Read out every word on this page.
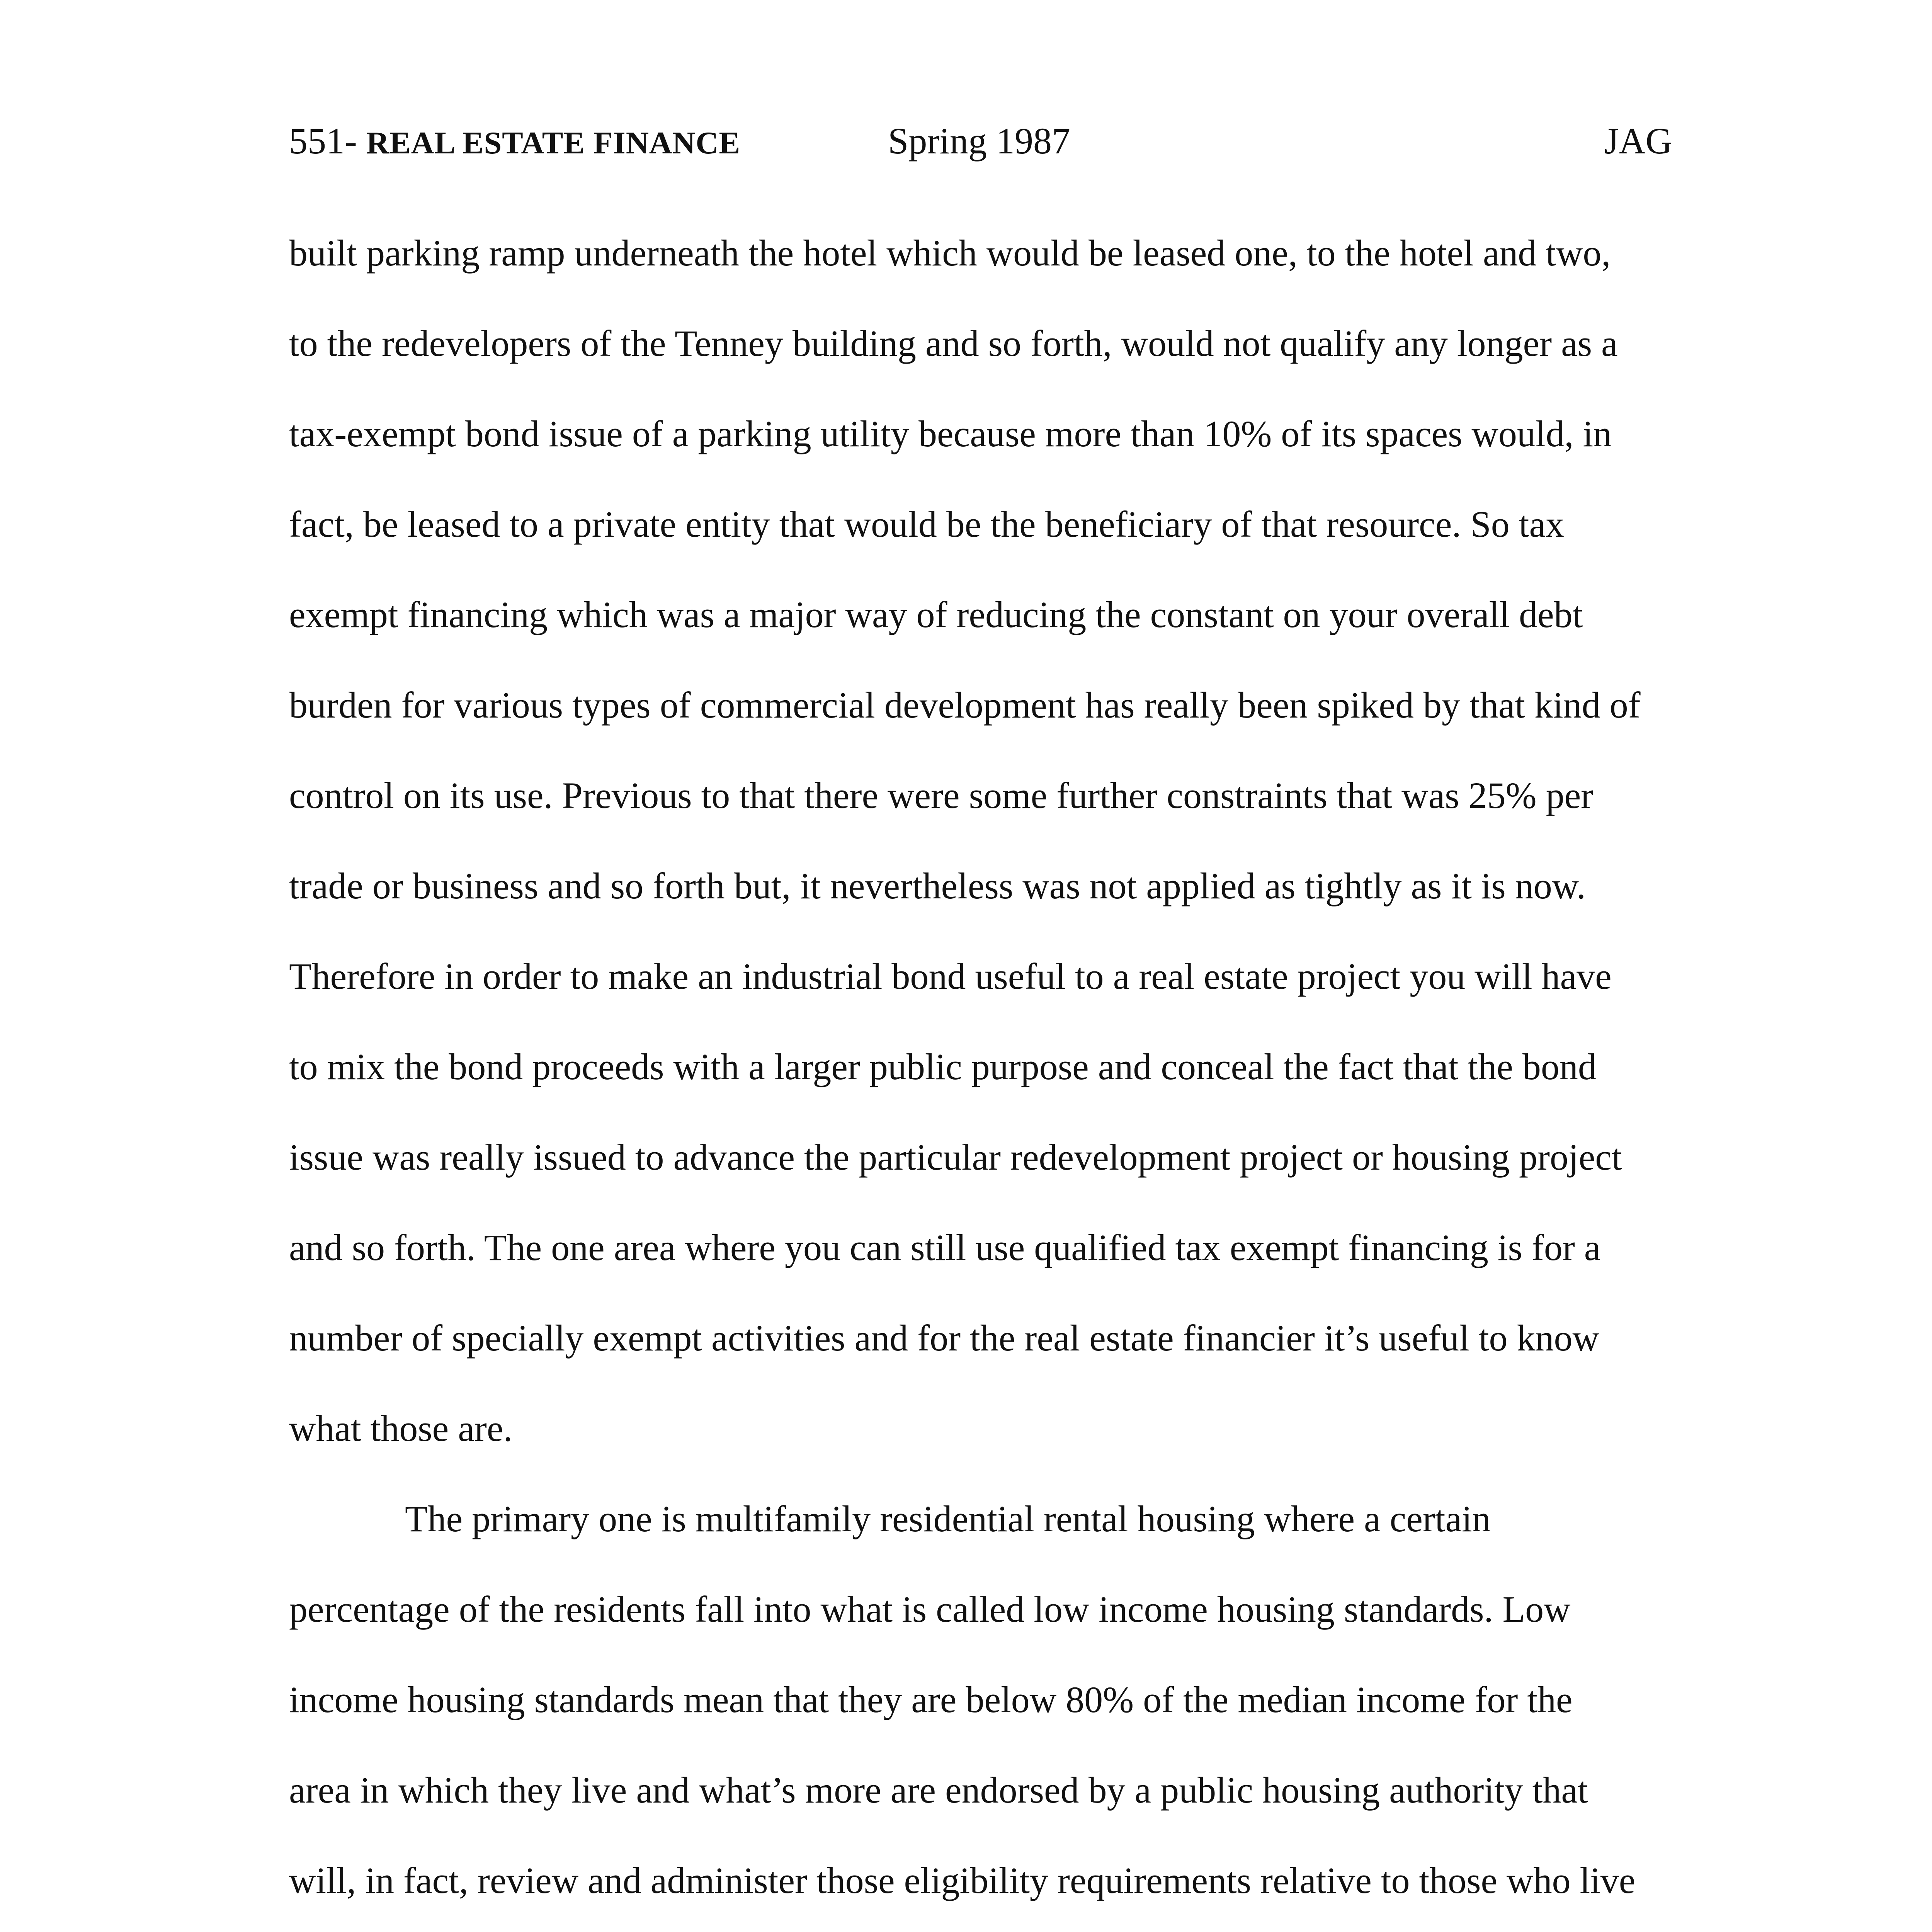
551- REAL ESTATE FINANCE	Spring 1987	JAG
built parking ramp underneath the hotel which would be leased one, to the hotel and two,
to the redevelopers of the Tenney building and so forth, would not qualify any longer as a
tax-exempt bond issue of a parking utility because more than 10% of its spaces would, in
fact, be leased to a private entity that would be the beneficiary of that resource. So tax
exempt financing which was a major way of reducing the constant on your overall debt
burden for various types of commercial development has really been spiked by that kind of
control on its use. Previous to that there were some further constraints that was 25% per
trade or business and so forth but, it nevertheless was not applied as tightly as it is now.
Therefore in order to make an industrial bond useful to a real estate project you will have
to mix the bond proceeds with a larger public purpose and conceal the fact that the bond
issue was really issued to advance the particular redevelopment project or housing project
and so forth. The one area where you can still use qualified tax exempt financing is for a
number of specially exempt activities and for the real estate financier it’s useful to know
what those are.
The primary one is multifamily residential rental housing where a certain
percentage of the residents fall into what is called low income housing standards. Low
income housing standards mean that they are below 80% of the median income for the
area in which they live and what’s more are endorsed by a public housing authority that
will, in fact, review and administer those eligibility requirements relative to those who live
